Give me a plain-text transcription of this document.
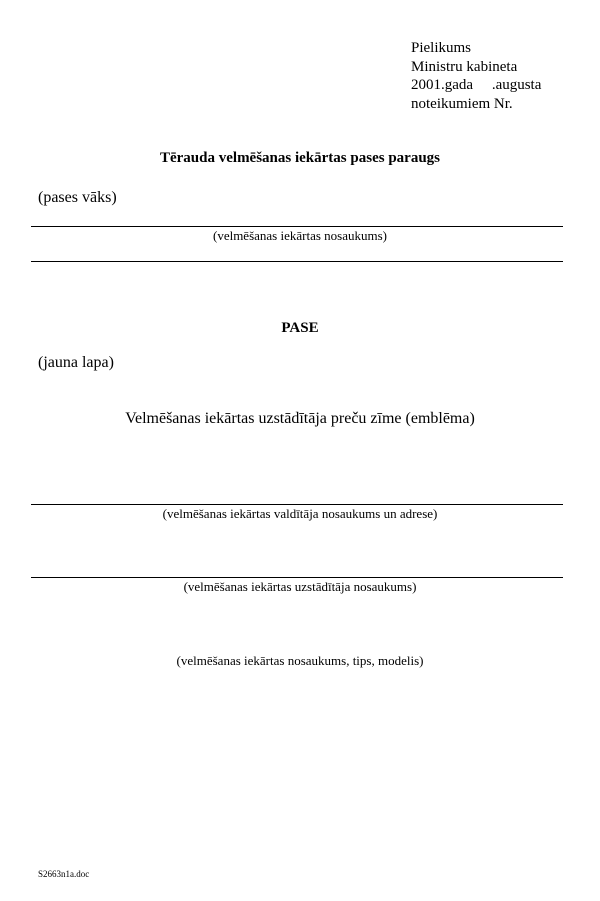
Pielikums
Ministru kabineta
2001.gada     .augusta
noteikumiem Nr.
Tērauda velmēšanas iekārtas pases paraugs
(pases vāks)
(velmēšanas iekārtas nosaukums)
PASE
(jauna lapa)
Velmēšanas iekārtas uzstādītāja preču zīme (emblēma)
(velmēšanas iekārtas valdītāja nosaukums un adrese)
(velmēšanas iekārtas uzstādītāja nosaukums)
(velmēšanas iekārtas nosaukums, tips, modelis)
S2663n1a.doc
